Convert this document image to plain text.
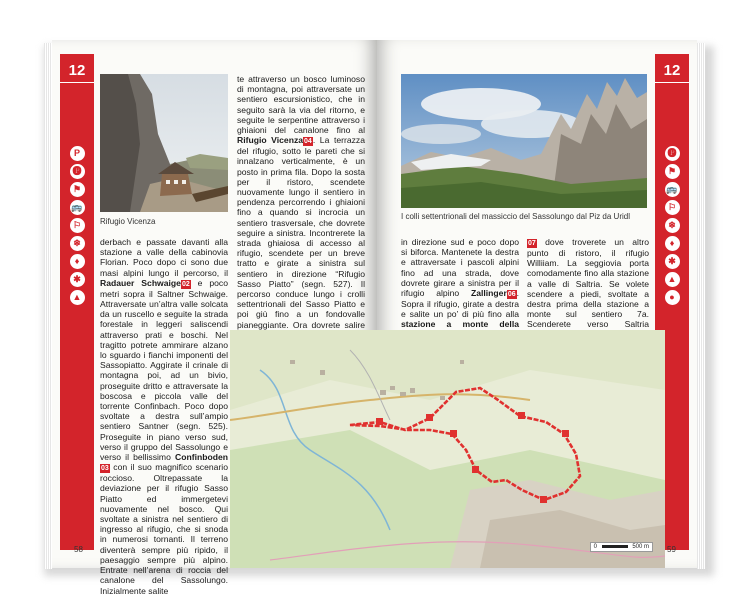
12
P
🅟
⚑
🚌
⚐
❄
♦
✱
▲
Rifugio Vicenza
derbach e passate davanti alla stazione a valle della cabinovia Florian. Poco dopo ci sono due masi alpini lungo il percorso, il Radauer Schwaige02 e poco metri sopra il Saltner Schwaige. Attraversate un’altra valle solcata da un ruscello e seguite la strada forestale in leggeri saliscendi attraverso prati e boschi. Nel tragitto potrete ammirare alzano lo sguardo i fianchi imponenti del Sassopiatto. Aggirate il crinale di montagna poi, ad un bivio, proseguite dritto e attraversate la boscosa e piccola valle del torrente Confinbach. Poco dopo svoltate a destra sull’ampio sentiero Santner (segn. 525). Proseguite in piano verso sud, verso il gruppo del Sassolungo e verso il bellissimo Confinboden03 con il suo magnifico scenario roccioso. Oltrepassate la deviazione per il rifugio Sasso Piatto ed immergetevi nuovamente nel bosco. Qui svoltate a sinistra nel sentiero di ingresso al rifugio, che si snoda in numerosi tornanti. Il terreno diventerà sempre più ripido, il paesaggio sempre più alpino. Entrate nell’arena di roccia del canalone del Sassolungo. Inizialmente salite
te attraverso un bosco luminoso di montagna, poi attraversate un sentiero escursionistico, che in seguito sarà la via del ritorno, e seguite le serpentine attraverso i ghiaioni del canalone fino al Rifugio Vicenza04. La terrazza del rifugio, sotto le pareti che si innalzano verticalmente, è un posto in prima fila. Dopo la sosta per il ristoro, scendete nuovamente lungo il sentiero in pendenza percorrendo i ghiaioni fino a quando si incrocia un sentiero trasversale, che dovrete seguire a sinistra. Incontrerete la strada ghiaiosa di accesso al rifugio, scendete per un breve tratto e girate a sinistra sul sentiero in direzione “Rifugio Sasso Piatto” (segn. 527). Il percorso conduce lungo i crolli settentrionali del Sasso Piatto e poi giù fino a un fondovalle pianeggiante. Ora dovrete salire
58
I colli settentrionali del massiccio del Sassolungo dal Piz da Uridl
in direzione sud e poco dopo si biforca. Mantenete la destra e attraversate i pascoli alpini fino ad una strada, dove dovrete girare a sinistra per il rifugio alpino Zallinger06. Sopra il rifugio, girate a destra e salite un po’ di più fino alla stazione a monte della
07 dove troverete un altro punto di ristoro, il rifugio Williiam. La seggiovia porta comodamente fino alla stazione a valle di Saltria. Se volete scendere a piedi, svoltate a destra prima della stazione a monte sul sentiero 7a. Scenderete verso Saltria
12
🅟
⚑
🚌
⚐
❄
♦
✱
▲
●
59
0	500 m
